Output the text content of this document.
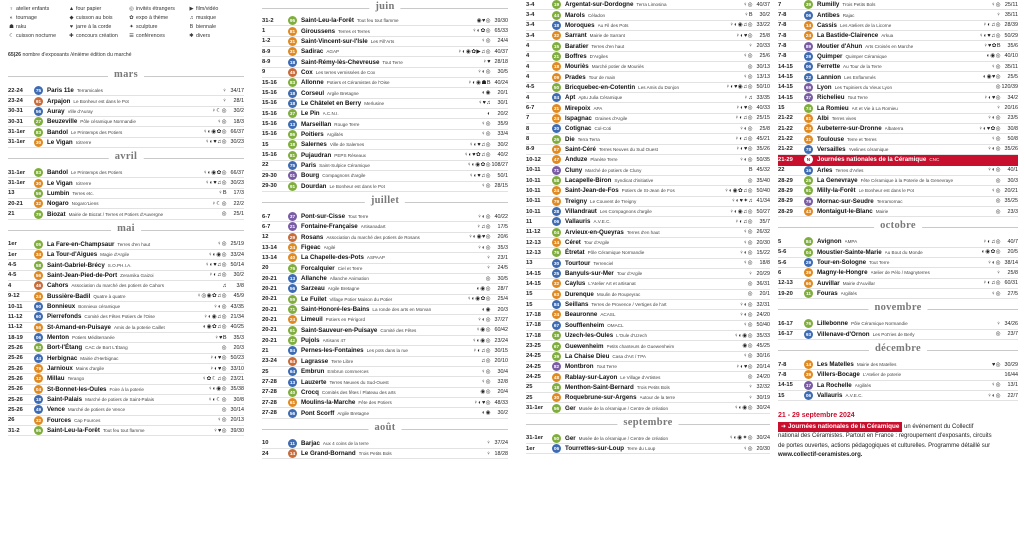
♀ atelier enfants	▲ four papier	◎ invités étrangers	▶ film/vidéo
◐ tournage	◆ cuisson au bois	✿ expo à thème	♫ musique
☗ raku	♥ jarre à la corde	✦ sculpture	B biennale
☾ cuisson nocturne ✚ concours création ☰ conférences	✱ divers
65|26 nombre d'exposants /énième édition du marché
mars
22-24	75 Paris 11e Terramicales	♀ 34/17
23-24	91 Arpajon Le Bonheur est dans le Pot	♀	28/1
30-31	56 Auray Ville d'Auray	♀☾◎	30/2
30-31	27 Beuzeville Pôle céramique Normandie	♀◎	18/3
31-1er	83 Bandol Le Printemps des Potiers	♀◐◉✿◎ 66/37
31-1er	30 Le Vigan Icitrerre	♀◐♥♫◎ 30/23
avril
31-1er	83 Bandol Le Printemps des Potiers	♀◐◉✿◎ 66/37
31-1er	30 Le Vigan Icitrerre	♀◐♥♫◎ 30/23
13	59 Lumbin Terres etc.	♀B	17/3
20-21	32 Nogaro Nogaro'Liens	♀☾◎	22/2
21	79 Biozat Mairie de Biozat / Terres et Potiers d'Auvergne	◎	25/1
mai
1er	05 La Fare-en-Champsaur Terres d'en haut	♀◎ 25/19
1er	34 La Tour-d'Aigues Magie d'Argile	♀◐◉◎ 33/24
4-5	58 Saint-Gabriel-Brécy S.O.PH.I.A.	♀◐♥♫◎ 50/14
4-5	56 Saint-Jean-Pied-de-Port Zeramika Gaizoi	♀◐♫◎	30/2
4	46 Cahors Association du marché des potiers de Cahors	♫	3/8
9-12	24 Bussière-Badil Quatre à quatre	♀◎◉✿♫◎	45/9
10-11	90 Bonnieux Bonnieux céramique	♀◐◎ 43/35
11-12	60 Pierrefonds Comité des Fêtes Potiers de l'Oise	♀◐◉♫◎ 21/34
11-12	56 St-Amand-en-Puisaye Amis de la poterie Caillet	◐◉✿♫◎ 40/25
18-19	06 Menton Potiers Méditerranée	♀♥B	35/3
25-26	63 Bort-l'Étang CAC de Bort L'Étang	◎	20/3
25-26	44 Herbignac Mairie d'Herbignac	♀◐♥◎ 50/23
25-26	79 Jarnioux Mains d'argile	♀◐♥◎ 33/10
25-26	12 Millau Terango	♀✿☾♫◎ 23/21
25-26	04 St-Bonnet-les-Oules Foire à la poterie	♀◐◉◎ 35/38
25-26	18 Saint-Palais Marché de potiers de Saint-Palais	♀◐☾◎	30/8
25-26	49 Vence Marché de potiers de Vence	◎ 30/14
26	32 Fources Cap Fources	♀◎ 20/13
31-2	95 Saint-Leu-la-Forêt Tout feu tout flamme	♀♥◎ 39/30
juin
31-2	95 Saint-Leu-la-Forêt Tout feu tout flamme	◉♥◎ 39/30
1	81 Giroussens Terres et Terres	♀◐✿◎ 65/33
1-2	31 Saint-Vincent-sur-l'Isle Les Fill'Arts	♀◎	24/4
8-9	31 Sadirac AGAP	♀◐◉✿▶♫◎ 40/37
8-9	18 Saint-Rémy-lès-Chevreuse Tout Terre	♀♥ 28/18
9	45 Cox Les terres vernissées de Cox	♀◐◎	30/5
15-16	83 Allonne Potiers et Céramistes de l'Oise	♀◐◉☗B 40/24
15-16	18 Corseul Argile Bretagne	◐◉	20/1
15-16	18 Le Châtelet en Berry Merlusine	♀♥♫	30/1
15-16	37 Le Pin A.C.N.I.	◐	20/2
15-16	13 Marseillan Rouge Terre	♀◎	35/9
15-16	86 Poitiers Argilités	♀◎	33/4
15	18 Salernes Ville de Salernes	♀◐♥♫◎	30/2
15-16	81 Pujaudran PEPS Réseaux	♀◐♥✿♫◎	40/2
22	75 Paris Saint-Sulpice Céramique	♀◐◉✿◎ 108/27
29-30	01 Bourg Compagnons d'argile	♀◐♥♫◎	50/1
29-30	91 Dourdan Le Bonheur est dans le Pot	♀◎ 28/15
juillet
6-7	37 Pont-sur-Cisse Tout Terre	♀◐◎ 40/22
6-7	21 Fontaine-Française Artisanadart	♀♫◎	17/5
12	29 Rosans Association du marché des potiers de Rosans	♀◐◉♥◎	20/6
13-14	24 Figeac Argilé	♀◐◎	35/3
13-14	40 La Chapelle-des-Pots ASPAAP	♀	23/1
20	76 Forcalquier Ciel et Terre	♀	24/5
20-21	13 Allanche Allanche Animation	◎	30/5
20-21	56 Sarzeau Argile Bretagne	◐◉◎	28/7
20-21	59 Le Fuilet Village Potier Maison du Potier	♀◐◉✿◎	25/4
20-21	71 Saint-Honoré-les-Bains La ronde des arts en Morvan	◐◉	20/3
20-21	24 Limeuil Potiers en Périgord	♀◐◎ 37/27
20-21	61 Saint-Sauveur-en-Puisaye Comité des Fêtes	♀◉◎ 60/42
20-21	42 Pujols Artisans 47	♀◐◉◎ 23/24
21	84 Pernes-les-Fontaines Les pots dans la rue	♀◐♫◎ 30/15
23-24	64 Lagrasse Terre Libre	♫◎ 20/10
25	64 Embrun Embrun commerces	♀◎	30/4
27-28	13 Lauzerte Terres Neuves du Sud-Ouest	♀◎	32/8
27-28	40 Crocq Comités des fêtes / Plateau des arts	◉◎	20/4
27-28	61 Moulins-la-Marche Fête des Potiers	♀◐♥◎ 48/33
27-28	56 Pont Scorff Argile Bretagne	◐◉	30/2
août
10	11 Barjac Aux 4 coins de la terre	♀ 37/24
24	14 Le Grand-Bornand Trois Petits Bols	♀ 18/28
3-4	19 Argentat-sur-Dordogne Terra Limosina	♀◎ 40/37
3-4	44 Marols Céladon	♀B	30/2
3-4	18 Moroques Au Fil des Pots	♀◐◉♫◎ 33/22
3-4	32 Sarrant Mairie de Sarrant	♀◐♥◎	25/8
4	15 Baratier Terres d'en haut	♀ 20/33
4	21 Boffres D'Argiles	♀◎	25/6
4	18 Mouriès Marché potier de Mouriès	◎ 30/13
4	09 Prades Tour de main	♀◎ 13/13
4-5	50 Bricquebec-en-Cotentin Les Amis du Donjon	♀◐♥◉♫◎ 50/10
4	84 Apt Aptu Julia Céramique	♀♫ 33/35
6-7	31 Mirepoix APA	♀◐♥◎ 40/33
7	24 Ispagnac Graines d'Argile	♀◐♫◎ 25/15
8	30 Cotignac Col-Coti	♀◐◎	25/8
8	26 Die Terra Terra	♀◐♫◎ 45/21
8-9	87 Saint-Céré Terres Neuves du Sud Ouest	♀◐♥◎ 35/26
10-12	47 Anduze Planète Terre	♀◐◎ 50/35
10-11	71 Cluny Marché de potiers de Cluny	B 45/32
10-11	58 Lacapelle-Biron Syndicat d'initiative	◎ 35/40
10-11	24 Saint-Jean-de-Fos Potiers de St-Jean de Fos	♀◐◉✿♫◎ 50/40
10-11	79 Treigny Le Couvent de Treigny	♀◐♥✦♫ 41/34
10-11	28 Villandraut Les Compagnons d'argile	♀◐◉♫◎ 50/27
11	06 Vallauris A.V.E.C.	♀◐♫◎	35/7
11-12	04 Arvieux-en-Queyras Terres d'en haut	♀◎ 26/32
12-13	14 Céret Tour d'Argile	♀◎ 20/30
12-13	76 Étretat Pôle Céramique Normandie	♀◐◎ 15/22
13	30 Tourtour Terrenciel	♀◎	18/8
14-15	25 Banyuls-sur-Mer Tour d'Argile	♀ 20/29
14-15	32 Caylus L'Atelier Art et artisanat	◎ 36/31
15	63 Durenque Moulin de Roupeyrac	◎	20/1
15	84 Seillans Terres de Provence / Vertiges de l'art	♀◐◎ 32/31
17-18	24 Beauronne ACASL	♀◐◎ 24/20
17-18	67 Soufflenheim OMACL	♀◎ 50/40
17-18	18 Uzech-les-Oules L'Oule d'Uzech	♀◐◉◎ 35/33
23-25	67 Guewenheim Petits chanteurs de Guewenheim	◉◎ 45/25
24-25	39 La Chaise Dieu Casa d'Art / TPA	♀◎ 30/16
24-25	82 Montbron Tout Terre	♀◐♥◎ 20/14
24-25	48 Rablay-sur-Layon Le Village d'Artistes	◎ 24/20
25	18 Menthon-Saint-Bernard Trois Petits Bols	♀ 32/32
25	30 Roquebrune-sur-Argens Autour de la terre	♀ 30/19
31-1er	56 Ger Musée de la céramique / Centre de création	♀◐◉◎ 30/24
septembre
31-1er	50 Ger Musée de la céramique / Centre de création	♀◐◉✦◎ 30/24
1er	06 Tourrettes-sur-Loup Terre du Loup	♀◎ 20/30
7	39 Rumilly Trois Petits Bols	♀◎ 25/11
7-8	06 Antibes Rajac	♀ 35/11
7-8	14 Cassis Les Ateliers de la Licorne	♀◐♫◎ 28/39
7-8	24 La Bastide-Clairence Arkua	♀◐♥♫◎ 50/29
7-8	89 Moutier d'Ahun Arts Croisés en Marche	♀♥✿B	35/6
7-8	29 Quimper Quimper Céramique	◐◉◎ 40/10
14-15	06 Ferrette Au Tour de la Terre	♀◎ 35/11
14-15	22 Lannion Les Enflammés	◐◉♥◎	25/5
14-15	69 Lyon Les Tupiniers du Vieux Lyon	◎ 120/39
14-15	37 Richelieu Tout Terre	♀◐♥◎	34/2
15	74 La Romieu Art et Vie à La Romieu	♀ 20/16
21-22	81 Albi Terres vives	♀◐◎	23/5
21-22	24 Aubeterre-sur-Dronne Albaterra	♀◐♥✿◎	30/8
21-22	31 Toulouse Terre et Terres	♀◎	50/8
21-22	78 Versailles Yvelines céramique	♀◐◎ 35/26
21-29	N	Journées nationales de la Céramique CNC
22	16 Arles Terres d'Arles	♀◐◎	40/1
28-29	25 La Genevraye Fête Céramique à la Poterie de la Genevraye	◎	30/3
28-29	91 Milly-la-Forêt Le Bonheur est dans le Pot	♀◎ 20/21
28-29	79 Mornac-sur-Seudre Terramornac	◎ 35/25
28-29	43 Montaigut-le-Blanc Mairie	◎	23/3
octobre
5	84 Avignon AMPA	♀◐♫◎	40/7
5-6	04 Moustier-Sainte-Marie Au Bout du Monde	◐◉✿◎	20/5
5-6	29 Tour-en-Sologne Tout Terre	♀◐◎ 38/14
6	39 Magny-le-Hongre Atelier de Pélo / Magnyterres	♀	25/8
12-13	66 Auvillar Mairie d'Auvillar	♀◐♫◎ 60/31
19-20	11 Fouras Argilités	♀◎	27/5
novembre
16-17	76 Lillebonne Pôle Céramique Normandie	♀ 34/26
16-17	93 Villenave-d'Ornon Les Pot'ries de Berly	◎	23/7
décembre
7-8	14 Les Matelles Mairie des Matelles	♥◎ 30/29
7-8	39 Villers-Bocage L'Atelier de poterie	16/44
14-15	17 La Rochelle Argilités	♀◎	13/1
15	06 Vallauris A.V.E.C.	♀◐◎	22/7
21 - 29 septembre 2024
➜ Journées nationales de la Céramique un événement du Collectif
national des Céramistes. Partout en France : regroupement d'exposants, circuits
de portes ouvertes, actions pédagogiques et culturelles. Programme détaillé sur
www.collectif-ceramistes.org.
